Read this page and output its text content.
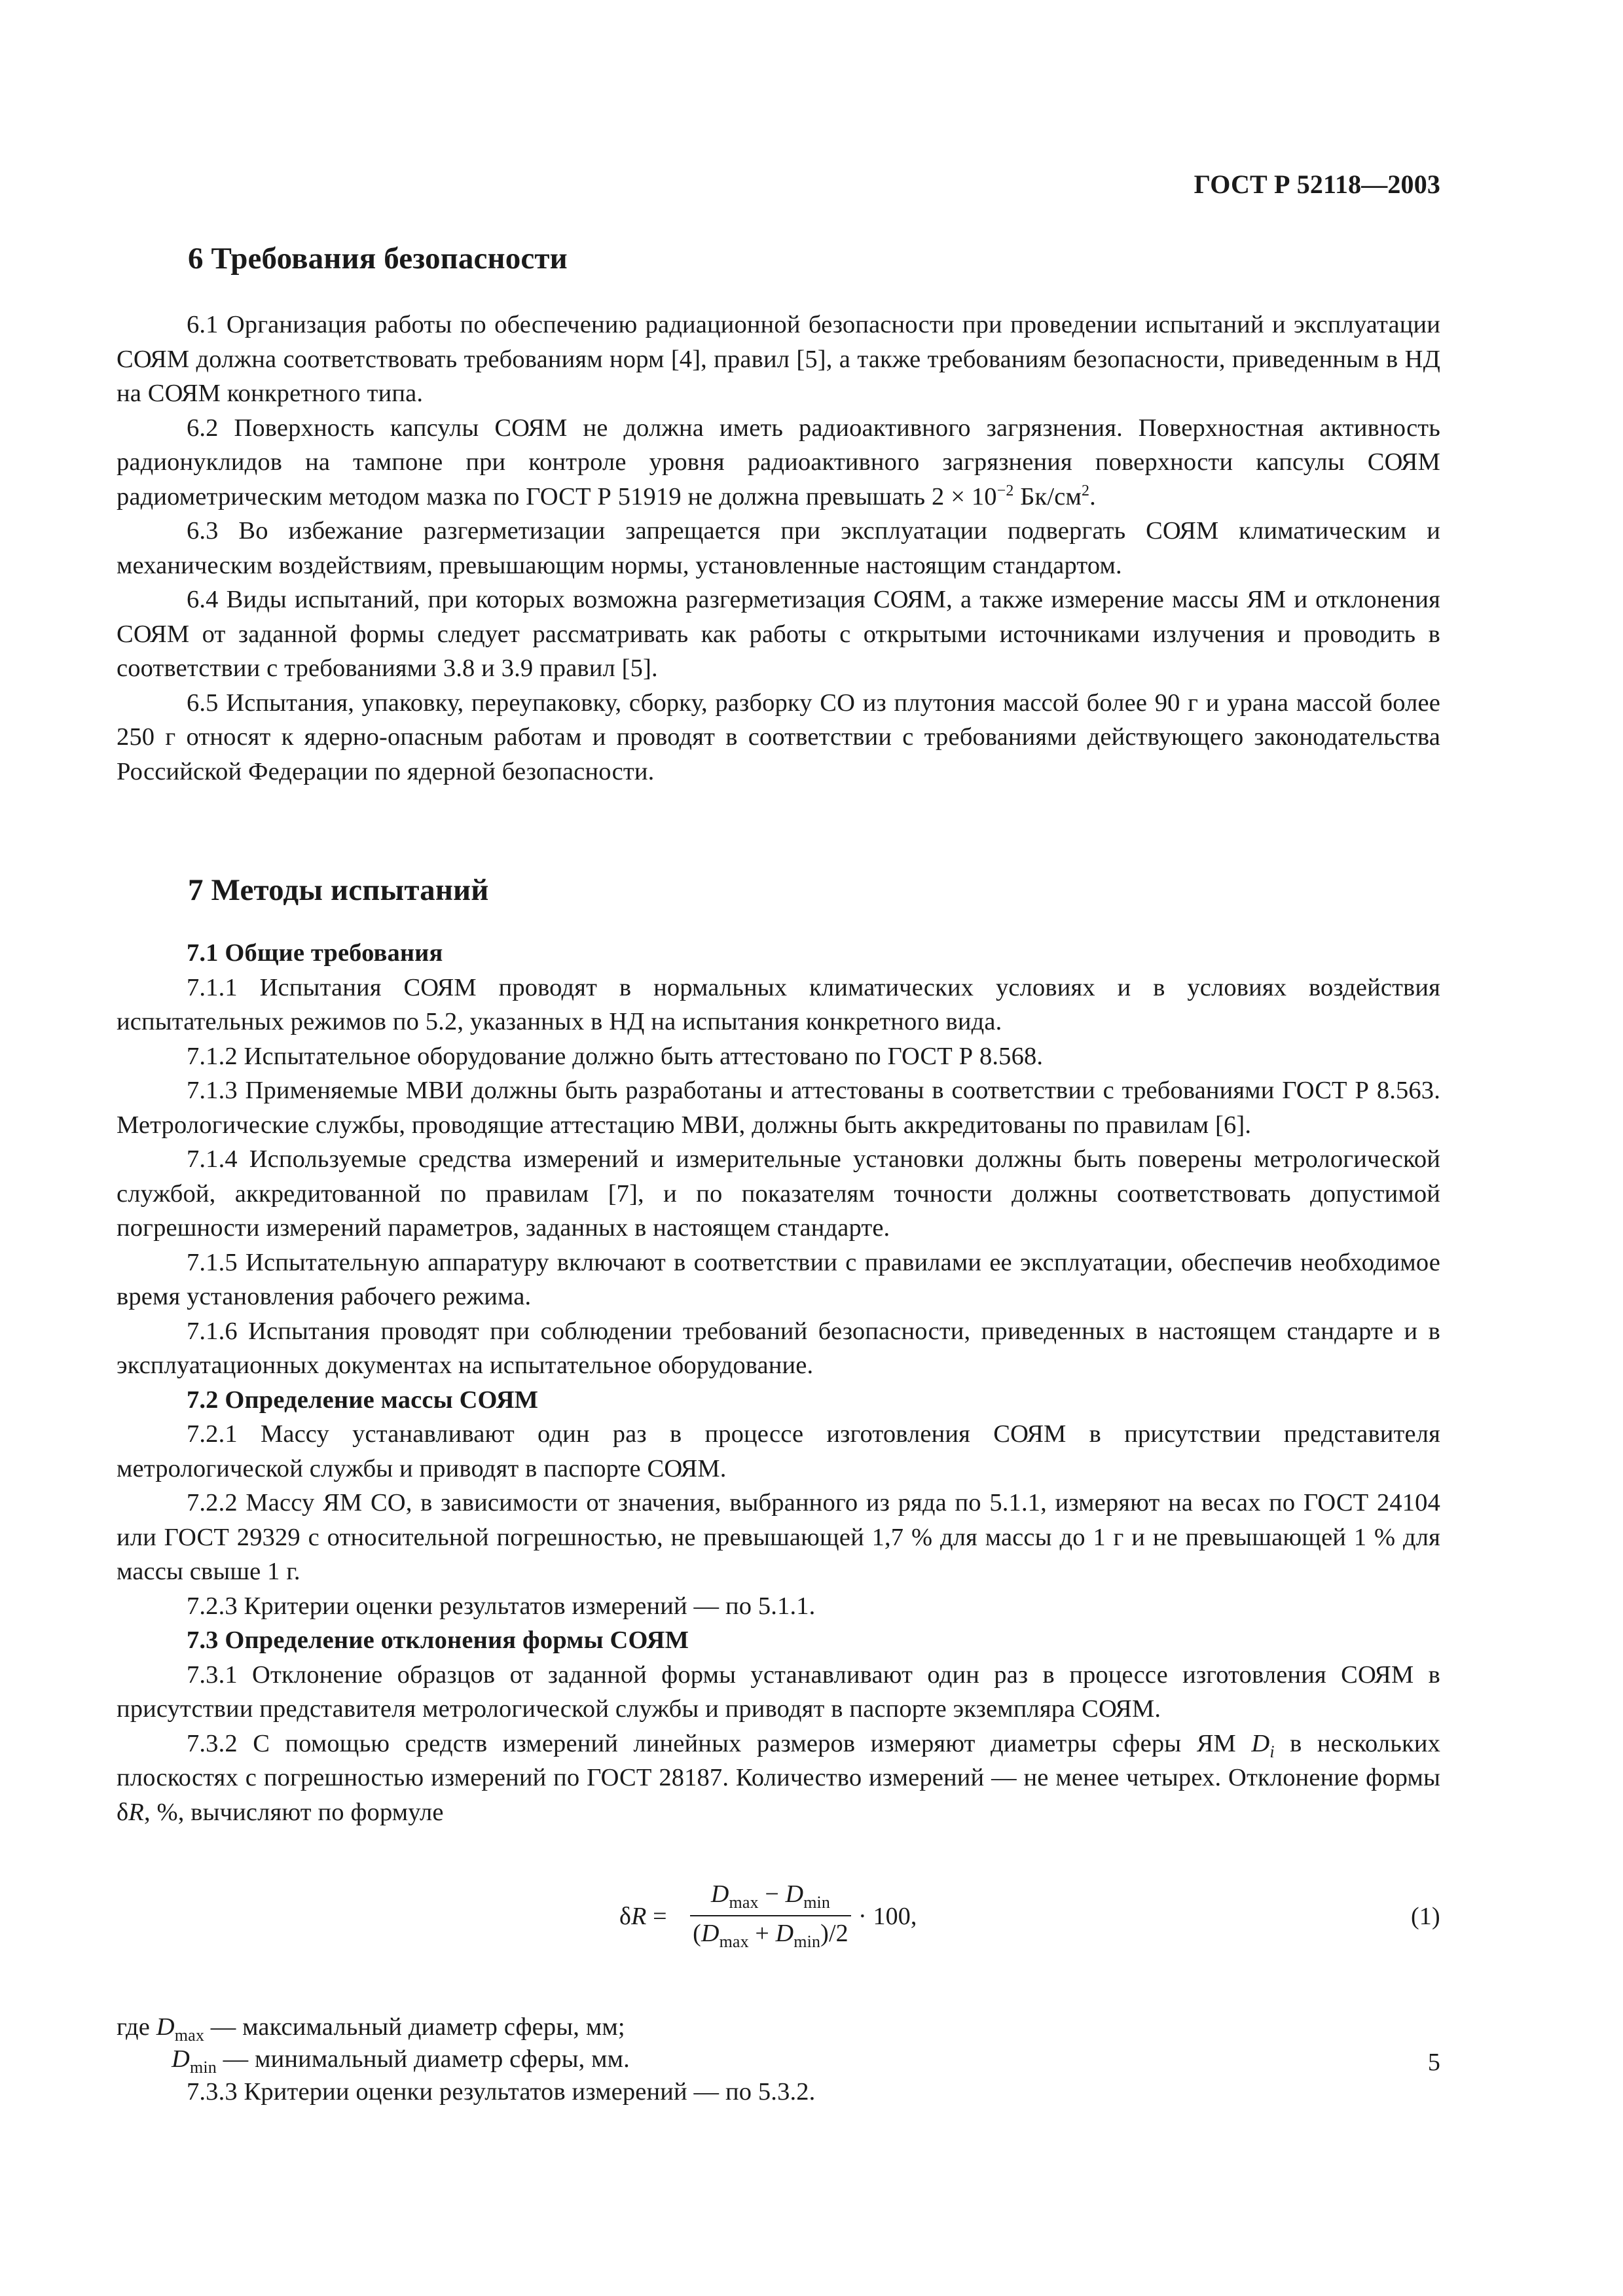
ГОСТ Р 52118—2003
6 Требования безопасности

6.1 Организация работы по обеспечению радиационной безопасности при проведении испытаний и эксплуатации СОЯМ должна соответствовать требованиям норм [4], правил [5], а также требованиям безопасности, приведенным в НД на СОЯМ конкретного типа.

6.2 Поверхность капсулы СОЯМ не должна иметь радиоактивного загрязнения. Поверхностная активность радионуклидов на тампоне при контроле уровня радиоактивного загрязнения поверхности капсулы СОЯМ радиометрическим методом мазка по ГОСТ Р 51919 не должна превышать $2 \times 10^{-2}$ $Бк/см^2$.

6.3 Во избежание разгерметизации запрещается при эксплуатации подвергать СОЯМ климатическим и механическим воздействиям, превышающим нормы, установленные настоящим стандартом.

6.4 Виды испытаний, при которых возможна разгерметизация СОЯМ, а также измерение массы ЯМ и отклонения СОЯМ от заданной формы следует рассматривать как работы с открытыми источниками излучения и проводить в соответствии с требованиями 3.8 и 3.9 правил [5].

6.5 Испытания, упаковку, переупаковку, сборку, разборку СО из плутония массой более 90 г и урана массой более 250 г относят к ядерно-опасным работам и проводят в соответствии с требованиями действующего законодательства Российской Федерации по ядерной безопасности.

7 Методы испытаний

7.1 Общие требования

7.1.1 Испытания СОЯМ проводят в нормальных климатических условиях и в условиях воздействия испытательных режимов по 5.2, указанных в НД на испытания конкретного вида.

7.1.2 Испытательное оборудование должно быть аттестовано по ГОСТ Р 8.568.

7.1.3 Применяемые МВИ должны быть разработаны и аттестованы в соответствии с требованиями ГОСТ Р 8.563. Метрологические службы, проводящие аттестацию МВИ, должны быть аккредитованы по правилам [6].

7.1.4 Используемые средства измерений и измерительные установки должны быть поверены метрологической службой, аккредитованной по правилам [7], и по показателям точности должны соответствовать допустимой погрешности измерений параметров, заданных в настоящем стандарте.

7.1.5 Испытательную аппаратуру включают в соответствии с правилами ее эксплуатации, обеспечив необходимое время установления рабочего режима.

7.1.6 Испытания проводят при соблюдении требований безопасности, приведенных в настоящем стандарте и в эксплуатационных документах на испытательное оборудование.

7.2 Определение массы СОЯМ

7.2.1 Массу устанавливают один раз в процессе изготовления СОЯМ в присутствии представителя метрологической службы и приводят в паспорте СОЯМ.

7.2.2 Массу ЯМ СО, в зависимости от значения, выбранного из ряда по 5.1.1, измеряют на весах по ГОСТ 24104 или ГОСТ 29329 с относительной погрешностью, не превышающей 1,7 % для массы до 1 г и не превышающей 1 % для массы свыше 1 г.

7.2.3 Критерии оценки результатов измерений — по 5.1.1.

7.3 Определение отклонения формы СОЯМ

7.3.1 Отклонение образцов от заданной формы устанавливают один раз в процессе изготовления СОЯМ в присутствии представителя метрологической службы и приводят в паспорте экземпляра СОЯМ.

7.3.2 С помощью средств измерений линейных размеров измеряют диаметры сферы ЯМ $D_i$ в нескольких плоскостях с погрешностью измерений по ГОСТ 28187. Количество измерений — не менее четырех. Отклонение формы δR, %, вычисляют по формуле

δR =
$D_{max} - D_{min}$
$(D_{max} + D_{min})/2$
· 100,	(1)
где $D_{max}$ — максимальный диаметр сферы, мм;
$D_{min}$ — минимальный диаметр сферы, мм.
7.3.3 Критерии оценки результатов измерений — по 5.3.2.
5
